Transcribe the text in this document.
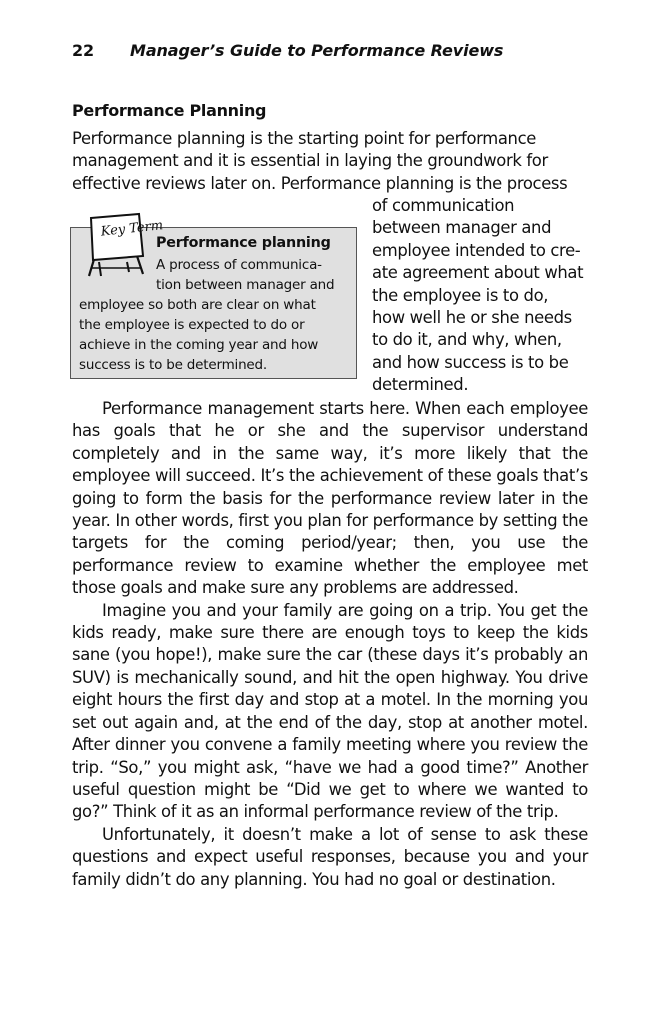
22 Manager’s Guide to Performance Reviews
Performance Planning
Performance planning is the starting point for performance
management and it is essential in laying the groundwork for
effective reviews later on. Performance planning is the process
of communication
between manager and
employee intended to cre-
ate agreement about what
the employee is to do,
how well he or she needs
to do it, and why, when,
and how success is to be
determined.
Key Term
Performance planning
A process of communica-
tion between manager and
employee so both are clear on what
the employee is expected to do or
achieve in the coming year and how
success is to be determined.

Performance management starts here. When each employee has goals that he or she and the supervisor understand completely and in the same way, it’s more likely that the employee will succeed. It’s the achievement of these goals that’s going to form the basis for the performance review later in the year. In other words, first you plan for performance by setting the targets for the coming period/year; then, you use the performance review to examine whether the employee met those goals and make sure any problems are addressed.

Imagine you and your family are going on a trip. You get the kids ready, make sure there are enough toys to keep the kids sane (you hope!), make sure the car (these days it’s probably an SUV) is mechanically sound, and hit the open highway. You drive eight hours the first day and stop at a motel. In the morning you set out again and, at the end of the day, stop at another motel. After dinner you convene a family meeting where you review the trip. “So,” you might ask, “have we had a good time?” Another useful question might be “Did we get to where we wanted to go?” Think of it as an informal performance review of the trip.

Unfortunately, it doesn’t make a lot of sense to ask these questions and expect useful responses, because you and your family didn’t do any planning. You had no goal or destination.
